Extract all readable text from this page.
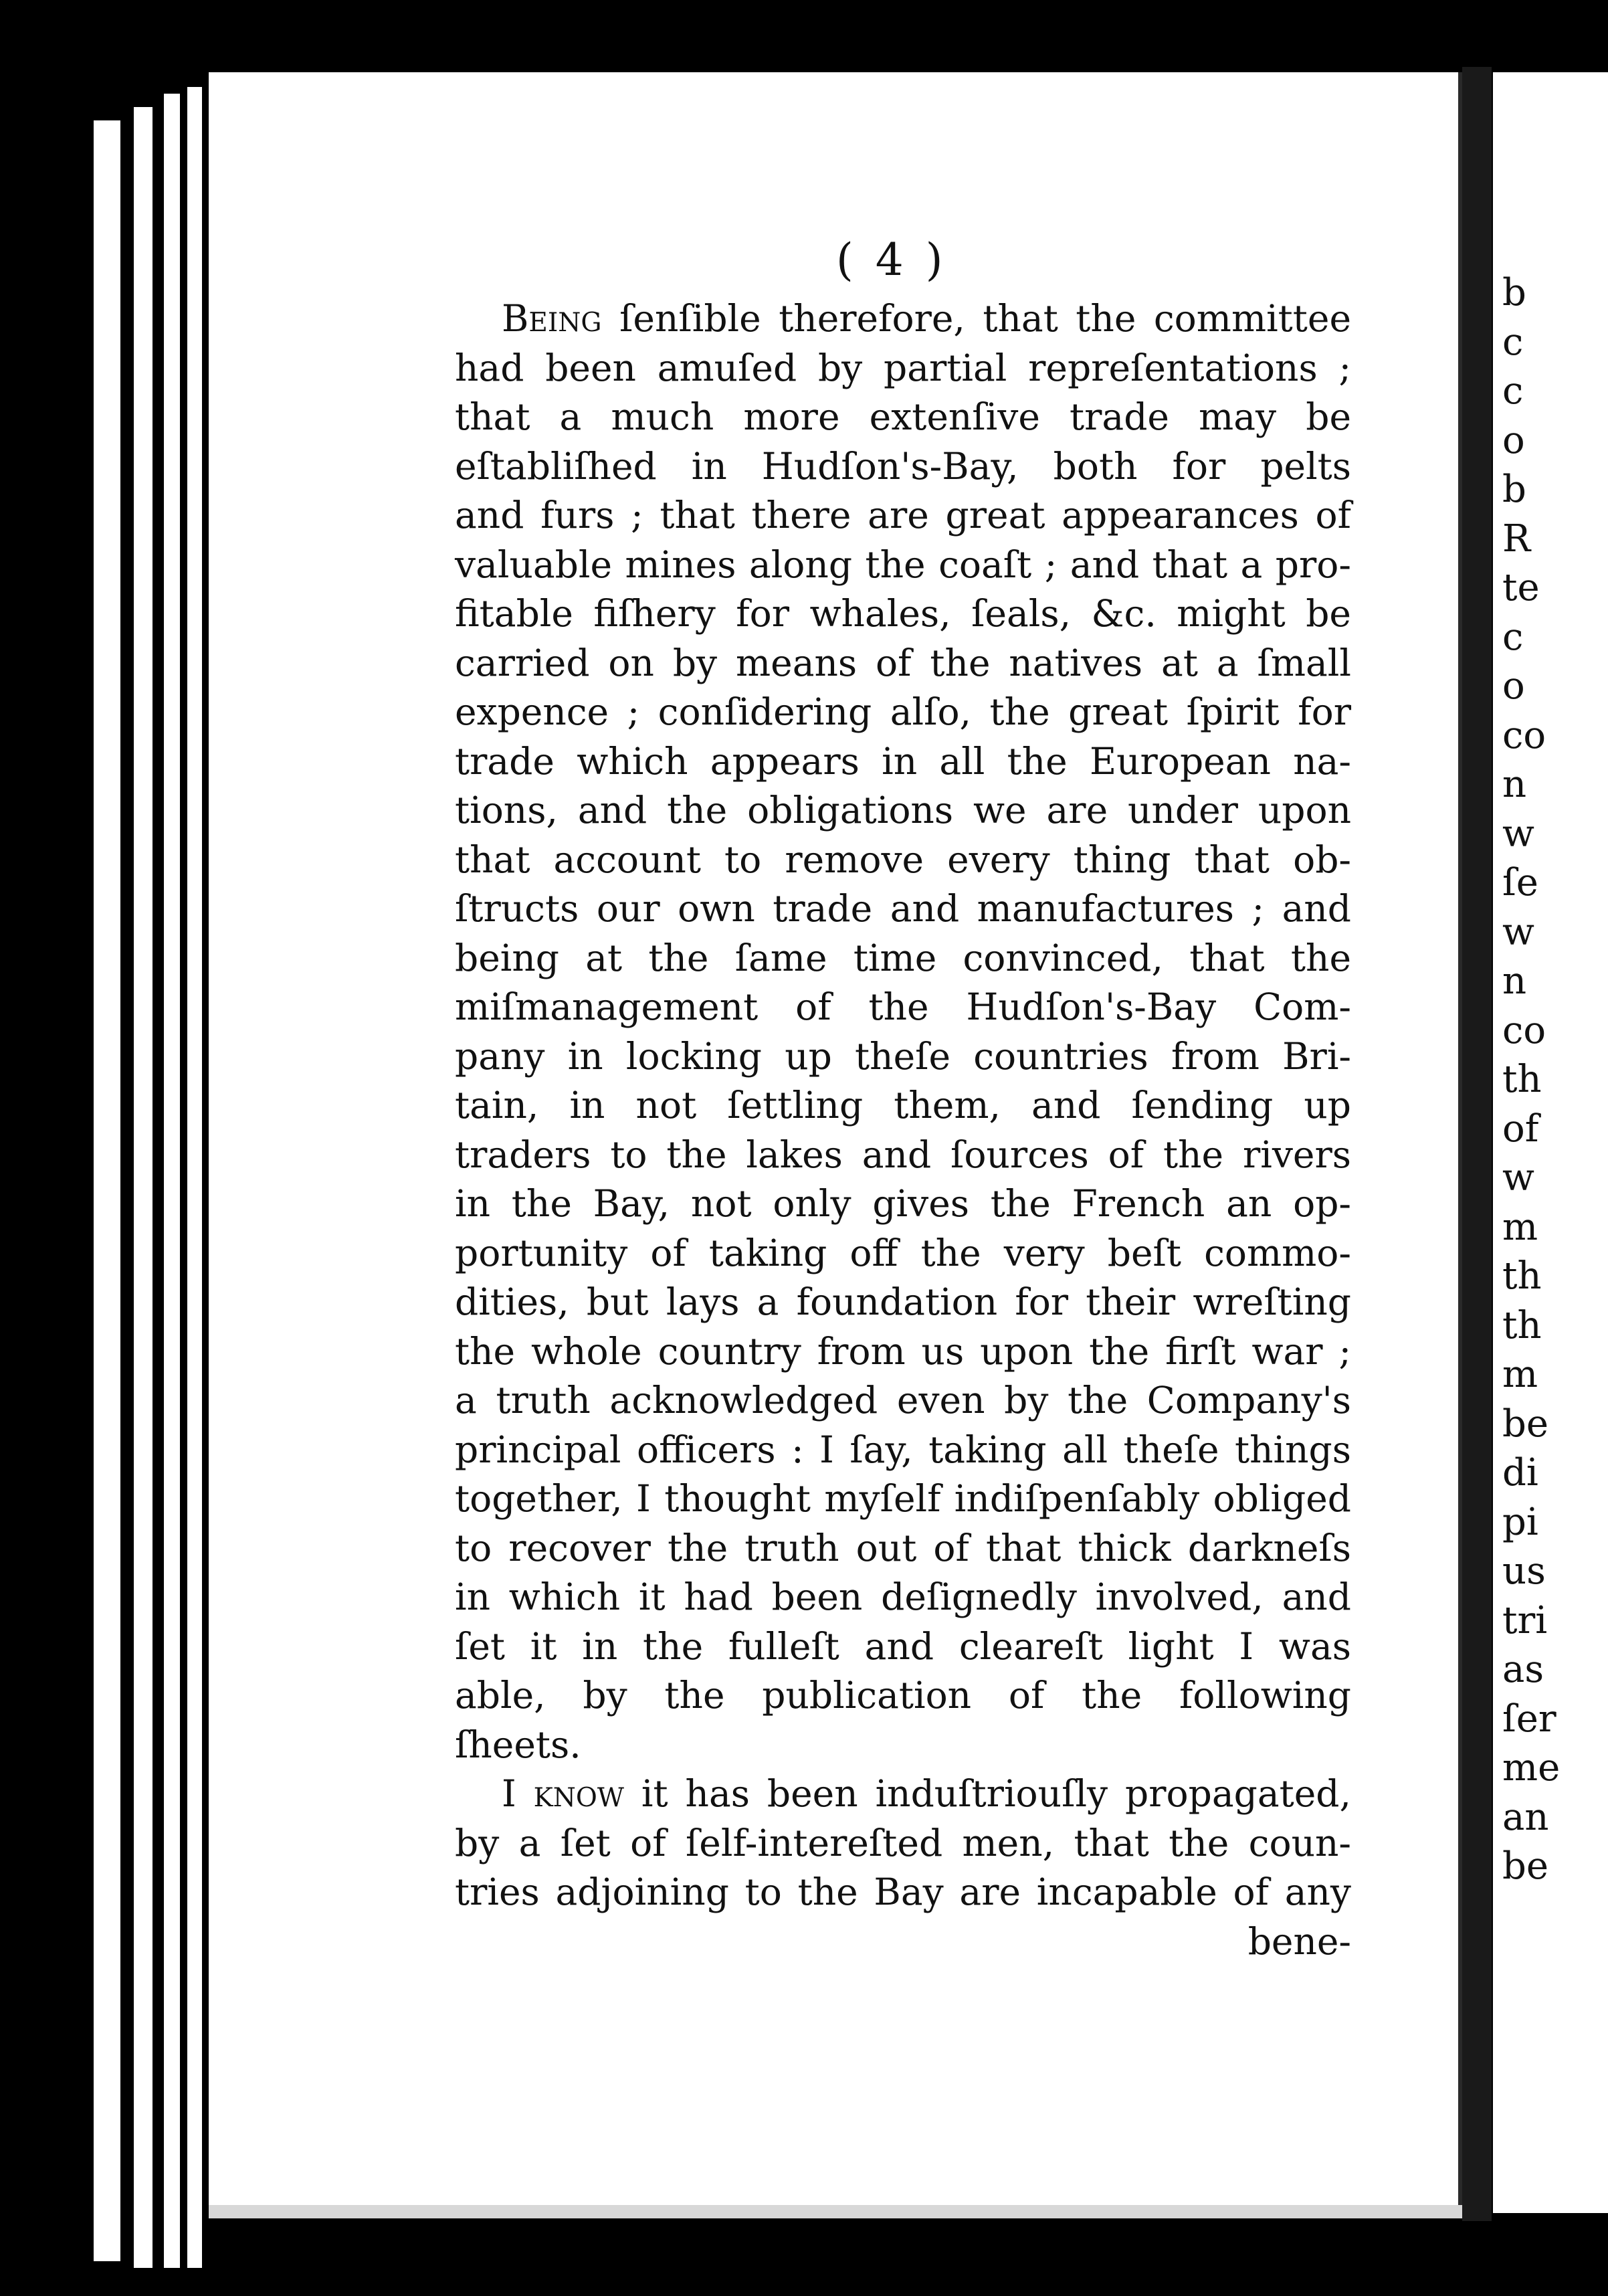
b
c
c
o
b
R
te
c
o
co
n
w
ſe
w
n
co
th
of
w
m
th
th
m
be
di
pi
us
tri
as
ſer
me
an
be
( 4 )
Being ſenſible therefore, that the committee
had been amuſed by partial repreſentations ;
that a much more extenſive trade may be
eſtabliſhed in Hudſon's-Bay, both for pelts
and furs ; that there are great appearances of
valuable mines along the coaſt ; and that a pro-
fitable fiſhery for whales, ſeals, &c. might be
carried on by means of the natives at a ſmall
expence ; conſidering alſo, the great ſpirit for
trade which appears in all the European na-
tions, and the obligations we are under upon
that account to remove every thing that ob-
ſtructs our own trade and manufactures ; and
being at the ſame time convinced, that the
miſmanagement of the Hudſon's-Bay Com-
pany in locking up theſe countries from Bri-
tain, in not ſettling them, and ſending up
traders to the lakes and ſources of the rivers
in the Bay, not only gives the French an op-
portunity of taking off the very beſt commo-
dities, but lays a foundation for their wreſting
the whole country from us upon the firſt war ;
a truth acknowledged even by the Company's
principal officers : I ſay, taking all theſe things
together, I thought myſelf indiſpenſably obliged
to recover the truth out of that thick darkneſs
in which it had been deſignedly involved, and
ſet it in the fulleſt and cleareſt light I was
able, by the publication of the following
ſheets.
I know it has been induſtriouſly propagated,
by a ſet of ſelf-intereſted men, that the coun-
tries adjoining to the Bay are incapable of any
bene-
